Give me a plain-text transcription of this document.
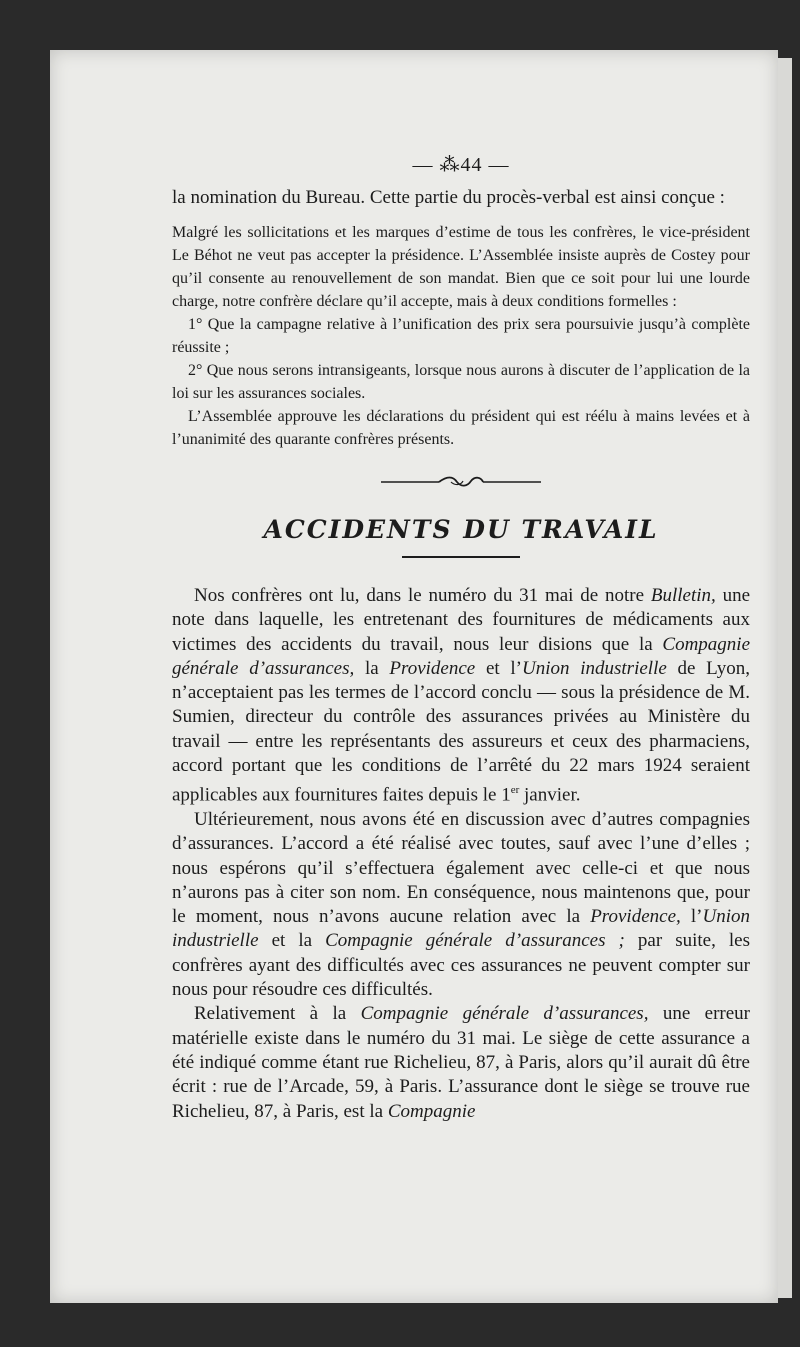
— ⁂44 —

la nomination du Bureau. Cette partie du procès-verbal est ainsi conçue :

Malgré les sollicitations et les marques d’estime de tous les confrères, le vice-président Le Béhot ne veut pas accepter la présidence. L’Assemblée insiste auprès de Costey pour qu’il consente au renouvellement de son mandat. Bien que ce soit pour lui une lourde charge, notre confrère déclare qu’il accepte, mais à deux conditions formelles :

1° Que la campagne relative à l’unification des prix sera poursuivie jusqu’à complète réussite ;

2° Que nous serons intransigeants, lorsque nous aurons à discuter de l’application de la loi sur les assurances sociales.

L’Assemblée approuve les déclarations du président qui est réélu à mains levées et à l’unanimité des quarante confrères présents.

ACCIDENTS DU TRAVAIL

Nos confrères ont lu, dans le numéro du 31 mai de notre Bulletin, une note dans laquelle, les entretenant des fournitures de médicaments aux victimes des accidents du travail, nous leur disions que la Compagnie générale d’assurances, la Providence et l’Union industrielle de Lyon, n’acceptaient pas les termes de l’accord conclu — sous la présidence de M. Sumien, directeur du contrôle des assurances privées au Ministère du travail — entre les représentants des assureurs et ceux des pharmaciens, accord portant que les conditions de l’arrêté du 22 mars 1924 seraient applicables aux fournitures faites depuis le 1er janvier.

Ultérieurement, nous avons été en discussion avec d’autres compagnies d’assurances. L’accord a été réalisé avec toutes, sauf avec l’une d’elles ; nous espérons qu’il s’effectuera également avec celle-ci et que nous n’aurons pas à citer son nom. En conséquence, nous maintenons que, pour le moment, nous n’avons aucune relation avec la Providence, l’Union industrielle et la Compagnie générale d’assurances ; par suite, les confrères ayant des difficultés avec ces assurances ne peuvent compter sur nous pour résoudre ces difficultés.

Relativement à la Compagnie générale d’assurances, une erreur matérielle existe dans le numéro du 31 mai. Le siège de cette assurance a été indiqué comme étant rue Richelieu, 87, à Paris, alors qu’il aurait dû être écrit : rue de l’Arcade, 59, à Paris. L’assurance dont le siège se trouve rue Richelieu, 87, à Paris, est la Compagnie
